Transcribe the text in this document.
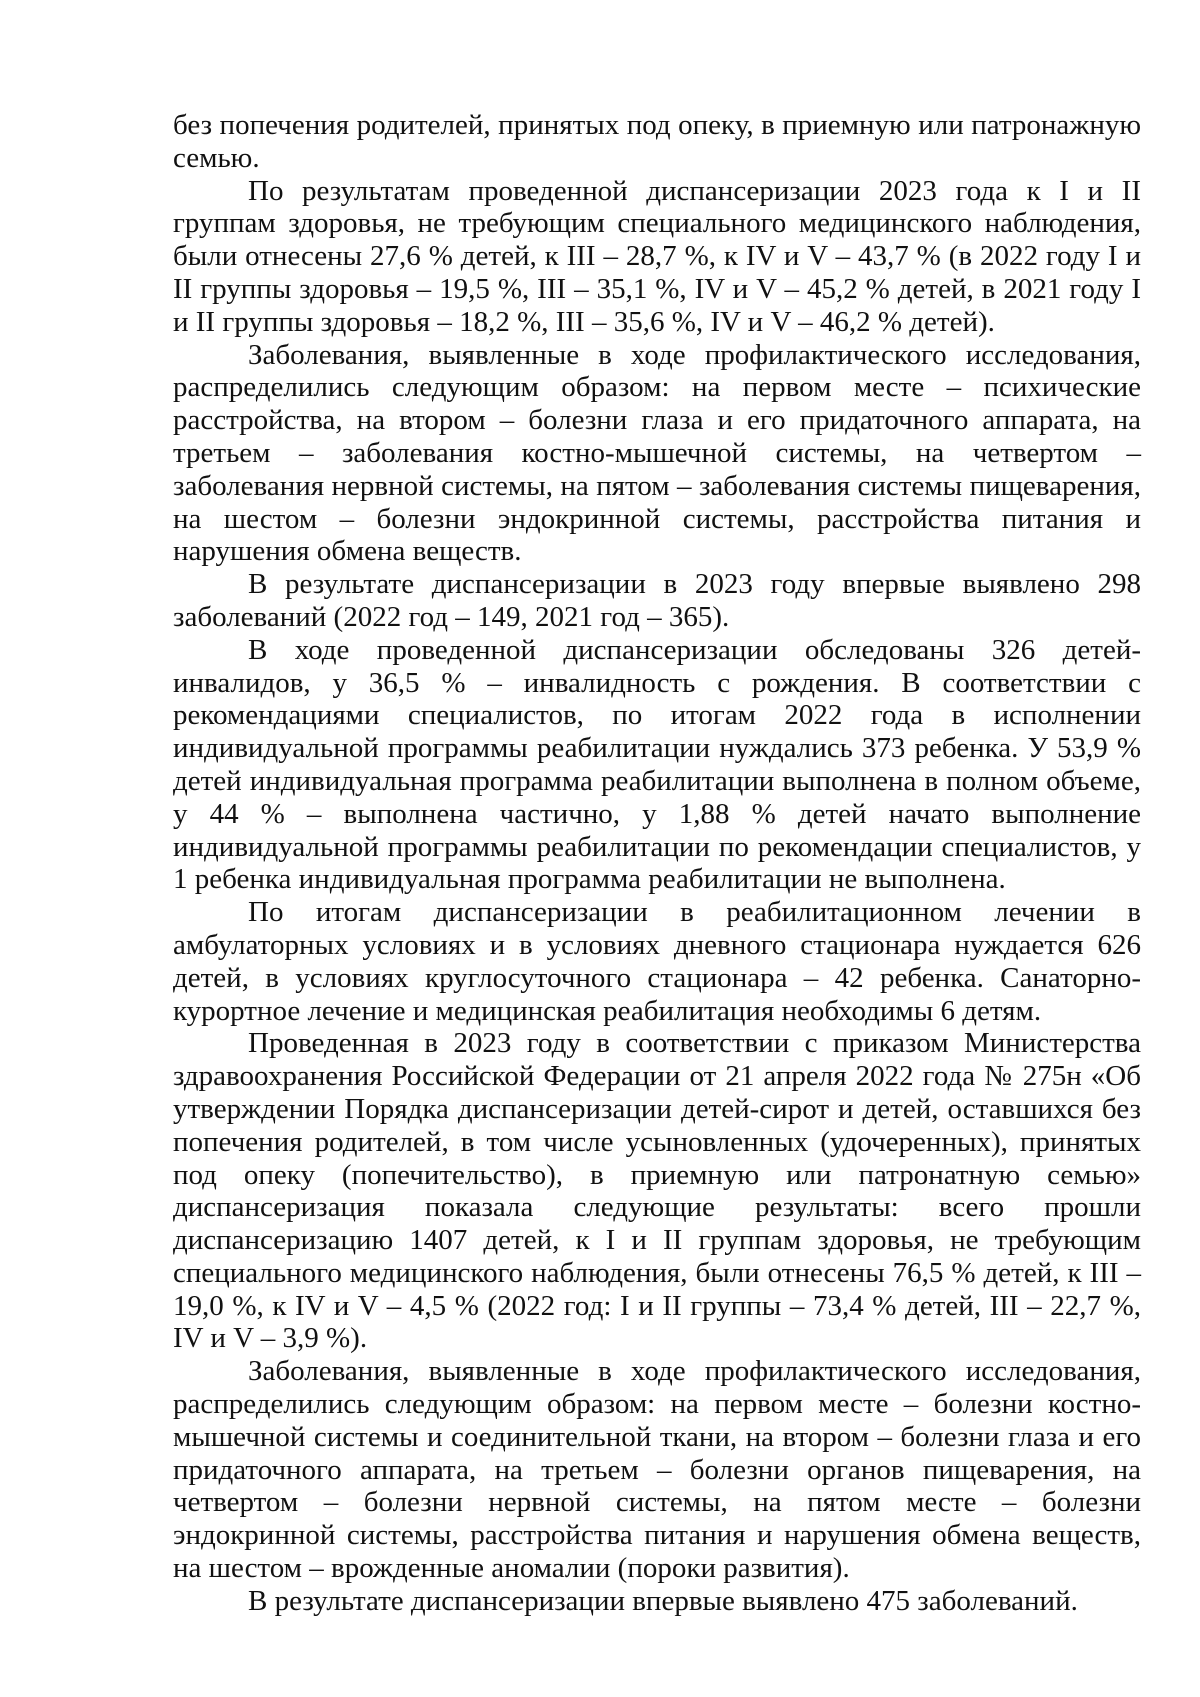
без попечения родителей, принятых под опеку, в приемную или патронажную семью.

По результатам проведенной диспансеризации 2023 года к I и II группам здоровья, не требующим специального медицинского наблюдения, были отнесены 27,6 % детей, к III – 28,7 %, к IV и V – 43,7 % (в 2022 году I и II группы здоровья – 19,5 %, III – 35,1 %, IV и V – 45,2 % детей, в 2021 году I и II группы здоровья – 18,2 %, III – 35,6 %, IV и V – 46,2 % детей).

Заболевания, выявленные в ходе профилактического исследования, распределились следующим образом: на первом месте – психические расстройства, на втором – болезни глаза и его придаточного аппарата, на третьем – заболевания костно-мышечной системы, на четвертом – заболевания нервной системы, на пятом – заболевания системы пищеварения, на шестом – болезни эндокринной системы, расстройства питания и нарушения обмена веществ.

В результате диспансеризации в 2023 году впервые выявлено 298 заболеваний (2022 год – 149, 2021 год – 365).

В ходе проведенной диспансеризации обследованы 326 детей-инвалидов, у 36,5 % – инвалидность с рождения. В соответствии с рекомендациями специалистов, по итогам 2022 года в исполнении индивидуальной программы реабилитации нуждались 373 ребенка. У 53,9 % детей индивидуальная программа реабилитации выполнена в полном объеме, у 44 % – выполнена частично, у 1,88 % детей начато выполнение индивидуальной программы реабилитации по рекомендации специалистов, у 1 ребенка индивидуальная программа реабилитации не выполнена.

По итогам диспансеризации в реабилитационном лечении в амбулаторных условиях и в условиях дневного стационара нуждается 626 детей, в условиях круглосуточного стационара – 42 ребенка. Санаторно-курортное лечение и медицинская реабилитация необходимы 6 детям.

Проведенная в 2023 году в соответствии с приказом Министерства здравоохранения Российской Федерации от 21 апреля 2022 года № 275н «Об утверждении Порядка диспансеризации детей-сирот и детей, оставшихся без попечения родителей, в том числе усыновленных (удочеренных), принятых под опеку (попечительство), в приемную или патронатную семью» диспансеризация показала следующие результаты: всего прошли диспансеризацию 1407 детей, к I и II группам здоровья, не требующим специального медицинского наблюдения, были отнесены 76,5 % детей, к III – 19,0 %, к IV и V – 4,5 % (2022 год: I и II группы – 73,4 % детей, III – 22,7 %, IV и V – 3,9 %).

Заболевания, выявленные в ходе профилактического исследования, распределились следующим образом: на первом месте – болезни костно-мышечной системы и соединительной ткани, на втором – болезни глаза и его придаточного аппарата, на третьем – болезни органов пищеварения, на четвертом – болезни нервной системы, на пятом месте – болезни эндокринной системы, расстройства питания и нарушения обмена веществ, на шестом – врожденные аномалии (пороки развития).

В результате диспансеризации впервые выявлено 475 заболеваний.
